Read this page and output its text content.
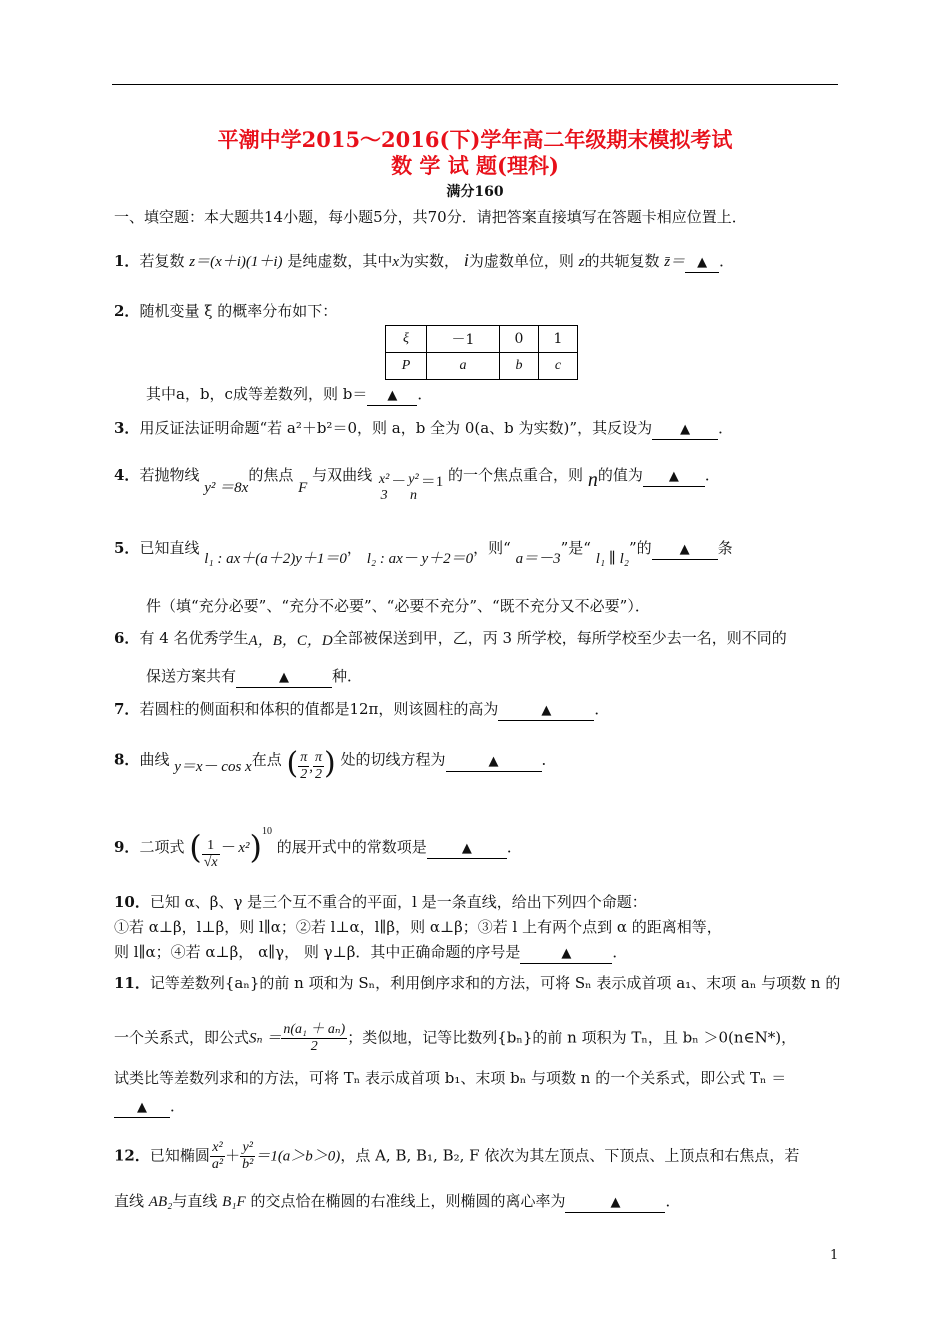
平潮中学2015～2016(下)学年高二年级期末模拟考试
数 学 试 题(理科)
满分160
一、填空题：本大题共14小题，每小题5分，共70分．请把答案直接填写在答题卡相应位置上．
1．若复数 z＝(x＋i)(1＋i) 是纯虚数，其中x为实数， i为虚数单位，则 z的共轭复数 z̄＝ ▲ ．
2．随机变量 ξ 的概率分布如下：
ξ	－1	0	1
P	a	b	c
其中a，b，c成等差数列，则 b＝ ▲ ．
3．用反证法证明命题“若 a²＋b²＝0，则 a，b 全为 0(a、b 为实数)”，其反设为 ▲ ．
4．若抛物线 y² ＝8x的焦点 F 与双曲线 x²
3
－ y²
n
＝1 的一个焦点重合，则 n的值为 ▲ ．
5．已知直线 l₁ : ax＋(a＋2)y＋1＝0， l₂ : ax－ y＋2＝0，则“ a＝－3”是“ l₁ ∥ l₂”的 ▲ 条
件（填“充分必要”、“充分不必要”、“必要不充分”、“既不充分又不必要”）．
6．有 4 名优秀学生A，B，C，D全部被保送到甲，乙，丙 3 所学校，每所学校至少去一名，则不同的
保送方案共有	▲	种．
7．若圆柱的侧面积和体积的值都是12π，则该圆柱的高为	▲	．
8．曲线 y＝x－ cos x在点 ( $\frac{\pi}{2}$ , $\frac{\pi}{2}$ ) 处的切线方程为	▲	．
9．二项式 ( $\frac{1}{√x} - x^2)^{10}$ 的展开式中的常数项是	▲ ．
10．已知 α、β、γ 是三个互不重合的平面，l 是一条直线，给出下列四个命题：
①若 α⊥β，l⊥β，则 l∥α；②若 l⊥α，l∥β，则 α⊥β；③若 l 上有两个点到 α 的距离相等，
则 l∥α；④若 α⊥β， α∥γ， 则 γ⊥β．其中正确命题的序号是	▲	．
11．记等差数列{aₙ}的前 n 项和为 Sₙ，利用倒序求和的方法，可将 Sₙ 表示成首项 a₁、末项 aₙ 与项数 n 的
一个关系式，即公式$S_n = \frac{\text{n(a₁ ＋ aₙ)}}{2}$ ；类似地，记等比数列{bₙ}的前 n 项积为 Tₙ，且 bₙ ＞0(n∈N*)，
试类比等差数列求和的方法，可将 Tₙ 表示成首项 b₁、末项 bₙ 与项数 n 的一个关系式，即公式 Tₙ ＝
▲ ．
12．已知椭圆 $\frac{\text{x²}}{\text{a²}} + \frac{\text{y²}}{\text{b²}} =1(a>b>0)$，点 A, B, B₁, B₂, F 依次为其左顶点、下顶点、上顶点和右焦点，若
直线 AB₂与直线 B₁F 的交点恰在椭圆的右准线上，则椭圆的离心率为	▲	．
1
